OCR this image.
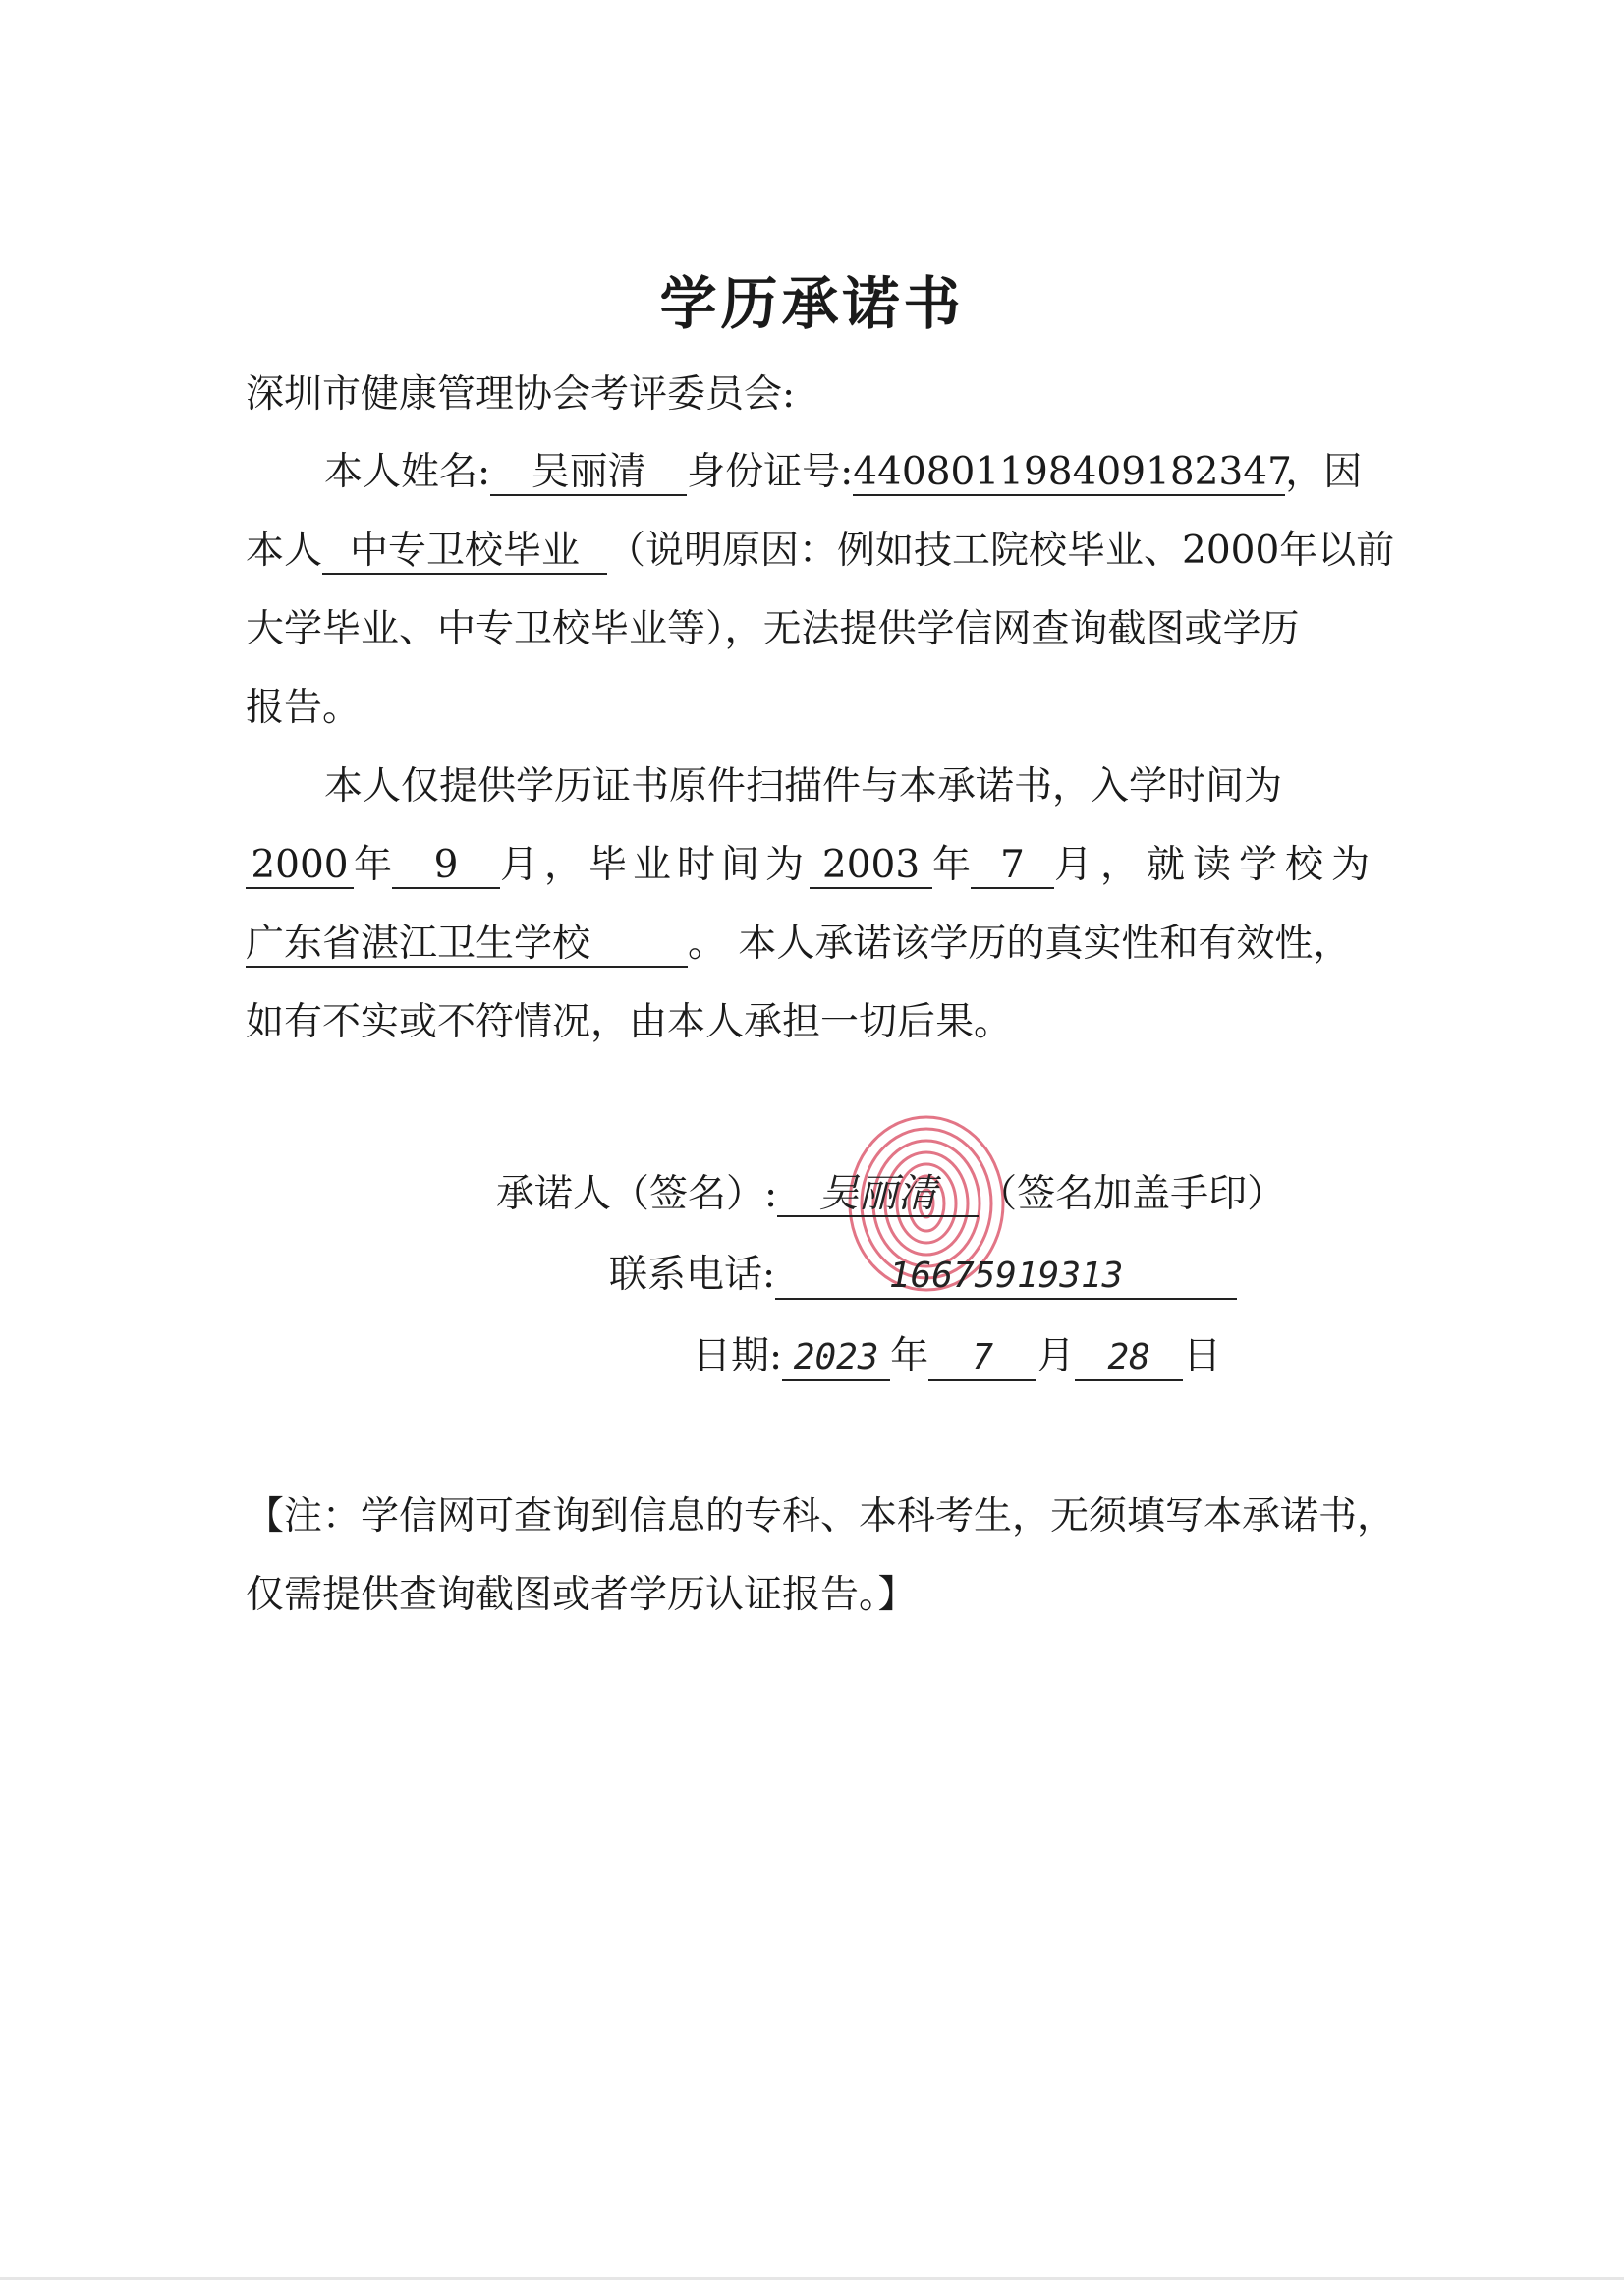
学历承诺书
深圳市健康管理协会考评委员会:
本人姓名: 吴丽清 身份证号:440801198409182347，因
本人 中专卫校毕业 （说明原因：例如技工院校毕业、2000年以前
大学毕业、中专卫校毕业等），无法提供学信网查询截图或学历
报告。
本人仅提供学历证书原件扫描件与本承诺书，入学时间为
2000 年 9 月，毕业时间为 2003 年 7 月，就读学校为
广东省湛江卫生学校	。 本人承诺该学历的真实性和有效性，
如有不实或不符情况，由本人承担一切后果。
承诺人（签名）: 吴丽清 （签名加盖手印）
联系电话:	16675919313
日期: 2023 年 7 月 28 日
【注：学信网可查询到信息的专科、本科考生，无须填写本承诺书，
仅需提供查询截图或者学历认证报告。】
